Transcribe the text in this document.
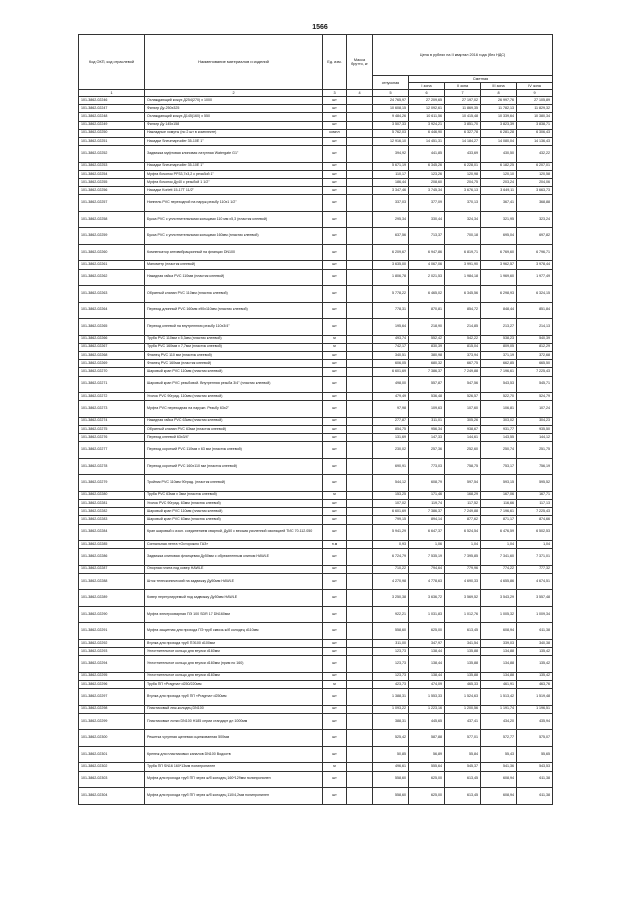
1566
Код ОКП, код отраслевой	Наименование материалов и изделий	Ед. изм.	Масса брутто, кг	Цена в рублях на II квартал 2016 года (без НДС)				
				отпускная	Сметная			
					I зона	II зона	III зона	IV зона
1	2	3	4	5	6	7	8	9
101-3862-02246	Охлаждающий кожух Д254(270) х 1000	шт		24 765,97	27 209,65	27 197,02	26 997,76	27 105,89
101-3862-02247	Фильтр Ду-250х325	шт		10 608,15	12 092,61	11 869,35	11 782,13	11 829,32
101-3862-02248	Охлаждающий кожух Д145(160) х 550	шт		9 484,26	10 611,56	10 415,48	10 339,64	10 380,34
101-3862-02249	Фильтр Ду 145х158	шт		3 507,33	3 924,21	3 851,70	3 823,39	3 838,71
101-3862-02250	Накладные хомуты (по 2 шт в комплекте)	компл		5 762,03	6 446,90	6 327,78	6 281,28	6 306,43
101-3862-02251	Насадки Sneumaprudler 35-10Е 1"	шт		12 916,10	14 451,31	14 184,27	14 080,04	14 136,43
101-3862-02252	Задвижка муфтовая клиновая латунная Watergate G1"	шт		394,92	441,85	433,69	430,50	432,22
101-3862-02253	Насадки Sneumaprudler 35-10Е 1"	шт		5 671,19	6 345,26	6 228,01	6 182,25	6 207,01
101-3862-02254	Муфта бочонок РР33,7х3,2 с резьбой 1"	шт		110,17	123,26	120,98	120,10	120,58
101-3862-02255	Муфта бочонок Ду40 с резьбой 1 1/2"	шт		186,44	208,60	204,75	203,24	204,06
101-3862-02256	Насадки Korlett 15-17Т 11/2"	шт		3 347,46	3 745,34	3 676,13	3 649,11	3 663,73
101-3862-02257	Ниппель PVC переходной на наруж.резьбу 110х1 1/2"	шт		337,03	377,09	370,13	367,41	368,88
101-3862-02258	Букса PVC с уплотнительными кольцами 110 мм х5,3 (пластик клеевой)	шт		295,34	330,44	324,34	321,95	323,24
101-3862-02259	Букса PVC с уплотнительными кольцами 160мм (пластик клеевой)	шт		637,56	713,37	700,18	695,04	697,82
101-3862-02260	Компенсатор антивибрационный на фланцах DN100	шт		6 209,67	6 947,86	6 819,71	6 769,60	6 796,71
101-3862-02261	Манометр (пластик клеевой)	шт		3 635,00	4 067,06	3 991,90	3 962,57	3 978,44
101-3862-02262	Накидная гайка PVC 110мм (пластик клеевой)	шт		1 806,78	2 021,53	1 984,18	1 969,60	1 977,49
101-3862-02263	Обратный клапан PVC 110мм (пластик клеевой)	шт		5 778,22	6 465,02	6 345,56	6 298,93	6 324,15
101-3862-02264	Переход длинный PVC 160мм х90х110мм (пластик клеевой)	шт		778,31	870,81	854,72	848,44	851,84
101-3862-02265	Переход клеевой на внутреннюю резьбу 110х3/4"	шт		195,64	218,90	214,85	213,27	214,13
101-3862-02266	Труба PVC 110мм х 5,3мм (пластик клеевой)	м		493,74	552,42	542,22	538,23	540,39
101-3862-02267	Труба PVC 160мм х 7,7мм (пластик клеевой)	м		742,17	830,39	815,04	809,05	812,29
101-3862-02268	Фланец PVC 110 мм (пластик клеевой)	шт		340,51	380,98	373,94	371,19	372,68
101-3862-02269	Фланец PVC 160мм (пластик клеевой)	шт		606,05	680,32	667,75	662,85	665,50
101-3862-02270	Шаровый кран PVC 110мм (пластик клеевой)	шт		6 601,69	7 386,37	7 249,88	7 196,61	7 225,43
101-3862-02271	Шаровый кран PVC резьбовой. Внутренняя резьба 3/4" (пластик клеевой)	шт		498,00	557,87	547,56	543,53	545,71
101-3862-02272	Уголок PVC 90град. 110мм (пластик клеевой)	шт		479,49	536,48	526,57	522,70	524,79
101-3862-02273	Муфта PVC переходная на наружн. Резьбу 63х2"	шт		97,98	109,63	107,60	106,81	107,24
101-3862-02274	Накидная гайка PVC 63мм (пластик клеевой)	шт		277,87	311,01	305,26	303,02	304,23
101-3862-02275	Обратный клапан PVC 63мм (пластик клеевой)	шт		854,75	956,34	938,67	931,77	935,50
101-3862-02276	Переход клеевой 63х3/4"	шт		131,69	147,33	144,61	143,55	144,12
101-3862-02277	Переход короткий PVC 110мм х 63 мм (пластик клеевой)	шт		230,02	257,36	252,60	250,74	251,75
101-3862-02278	Переход короткий PVC 160х110 мм (пластик клеевой)	шт		690,91	773,03	758,75	753,17	756,19
101-3862-02279	Тройник PVC 110мм 90град. (пластик клеевой)	шт		544,12	608,79	597,54	593,15	595,52
101-3862-02280	Труба PVC 63мм х 3мм (пластик клеевой)	м		153,25	171,46	168,29	167,06	167,71
101-3862-02281	Уголок PVC 90град. 63мм (пластик клеевой)	шт		107,02	119,74	117,52	116,66	117,13
101-3862-02282	Шаровый кран PVC 110мм (пластик клеевой)	шт		6 601,69	7 386,37	7 249,88	7 196,61	7 225,43
101-3862-02283	Шаровый кран PVC 63мм (пластик клеевой)	шт		799,15	894,14	877,62	871,17	874,66
101-3862-02284	Кран шаровый с изол. соединением сварной, Ду50 с весьма усиленной изоляцией ТИС 70.112.050	шт		5 941,29	6 647,37	6 524,54	6 476,59	6 502,53
101-3862-02285	Сигнальная лента «Осторожно ГАЗ»	п.м		0,93	1,06	1,04	1,04	1,04
101-3862-02286	Задвижка клиновая фланцевая Ду50мм с обрезиненным клином HAWLE	шт		6 724,79	7 535,19	7 395,85	7 341,60	7 371,01
101-3862-02287	Опорная плита под ковер HAWLE	шт		710,22	794,64	779,96	774,22	777,32
101-3862-02288	Шток телескопический на задвижку Ду50мм HAWLE	шт		4 270,98	4 778,63	4 690,33	4 655,86	4 674,51
101-3862-02289	Ковер нерегулируемый под задвижку Ду50мм HAWLE	шт		3 250,38	3 636,72	3 569,52	3 543,29	3 557,48
101-3862-02290	Муфта электросварная ПЭ 100 SDR 17 DN160мм	шт		922,21	1 031,83	1 012,76	1 005,32	1 009,34
101-3862-02291	Муфта защитная для прохода ПЭ труб сквозь ж/б колодец d110мм	шт		558,60	625,00	613,45	608,94	611,38
101-3862-02292	Втулка для прохода труб ПЭ100 d100мм	шт		311,00	347,97	341,54	339,03	340,38
101-3862-02293	Уплотнительное кольцо для втулки d160мм	шт		123,73	138,44	135,88	134,88	135,42
101-3862-02294	Уплотнительное кольцо для втулки d160мм (прим по 160)	шт		123,73	138,44	135,88	134,88	135,42
101-3862-02295	Уплотнительное кольцо для втулки d160мм	шт		123,73	138,44	135,88	134,88	135,42
101-3862-02296	Труба ПП «Pragma» d250/220мм	м		423,73	474,09	465,33	461,91	463,76
101-3862-02297	Втулка для прохода труб ПП «Pragma» d250мм	шт		1 388,31	1 553,33	1 524,63	1 513,42	1 519,48
101-3862-02298	Пластиковый люк-колодец DN100	шт		1 093,22	1 223,16	1 200,56	1 191,74	1 196,51
101-3862-02299	Пластиковые лотки DN100 Н185 серии стандарт дл 1000мм	шт		388,31	445,65	437,41	434,20	435,94
101-3862-02300	Решетка чугунная щелевая оцинкованная 500мм	шт		525,42	587,88	577,01	572,77	575,07
101-3862-02301	Крепеж для пластиковых каналов DN100 Водоотв	шт		50,85	56,89	55,84	55,43	55,65
101-3862-02302	Труба ПП SN16 160*13мм полипропилен	м		496,61	555,64	545,37	541,36	543,53
101-3862-02303	Муфта для прохода труб ПП через ж/б колодец 160*129мм полипропилен	шт		558,60	625,00	613,45	608,94	611,38
101-3862-02304	Муфта для прохода труб ПП через ж/б колодец 110/4,2мм полипропилен	шт		558,60	625,00	613,45	608,94	611,38
